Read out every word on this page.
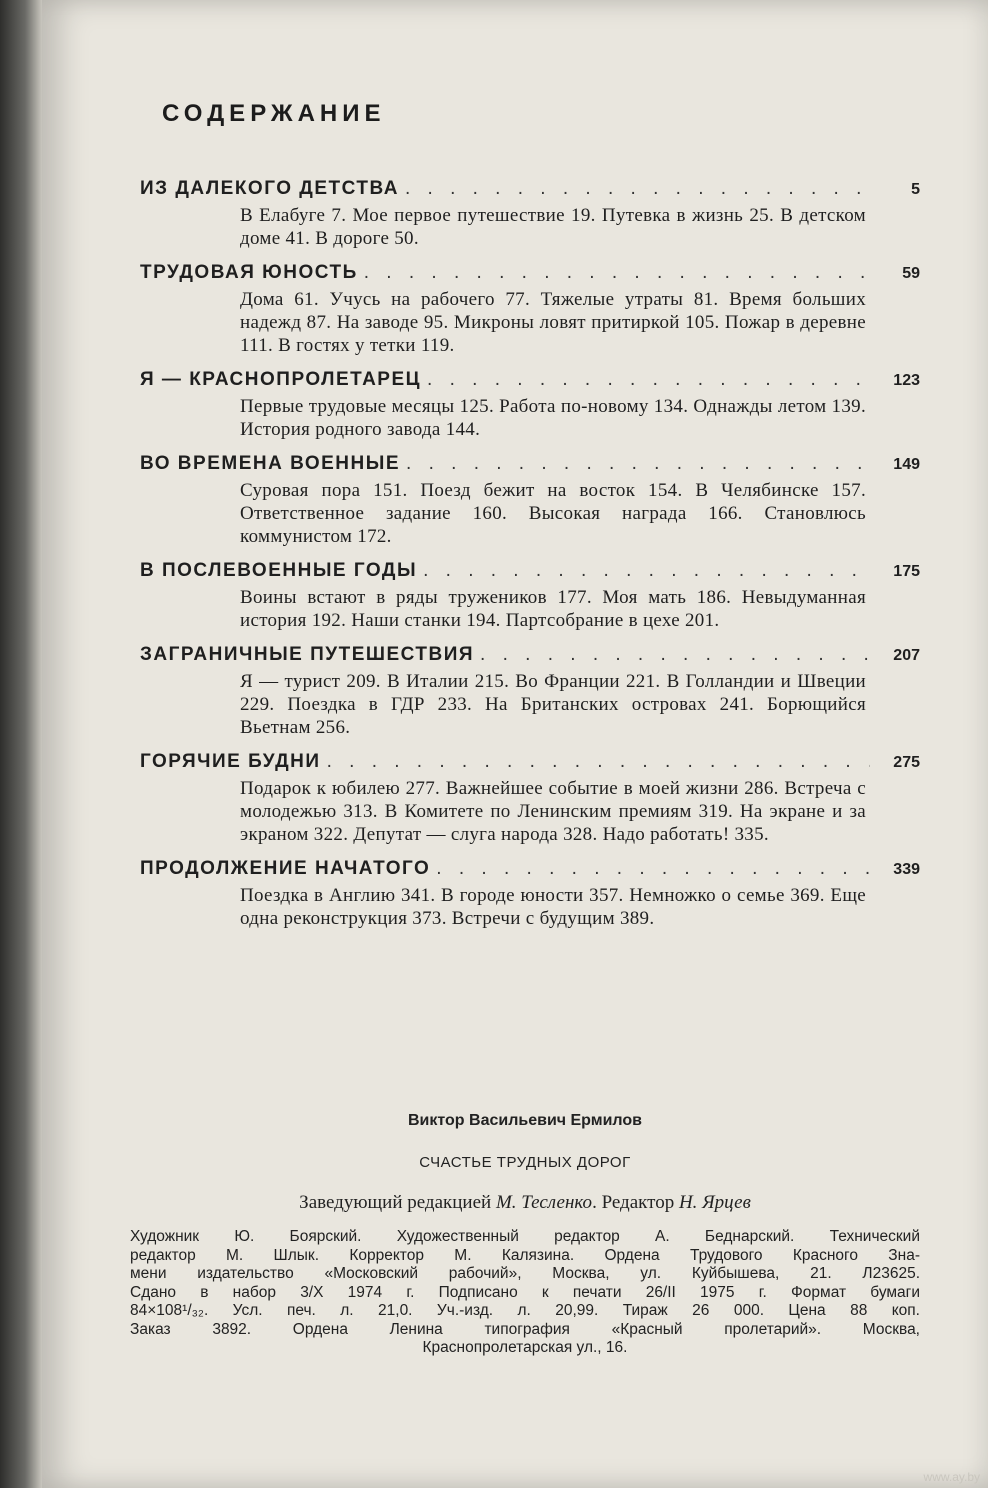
СОДЕРЖАНИЕ
ИЗ ДАЛЕКОГО ДЕТСТВА . . .	5
В Елабуге 7. Мое первое путешествие 19. Путевка в жизнь 25. В детском доме 41. В дороге 50.
ТРУДОВАЯ ЮНОСТЬ . . .	59
Дома 61. Учусь на рабочего 77. Тяжелые утраты 81. Время больших надежд 87. На заводе 95. Микроны ловят притиркой 105. Пожар в деревне 111. В гостях у тетки 119.
Я — КРАСНОПРОЛЕТАРЕЦ . . .	123
Первые трудовые месяцы 125. Работа по-новому 134. Однажды летом 139. История родного завода 144.
ВО ВРЕМЕНА ВОЕННЫЕ . . .	149
Суровая пора 151. Поезд бежит на восток 154. В Челябинске 157. Ответственное задание 160. Высокая награда 166. Становлюсь коммунистом 172.
В ПОСЛЕВОЕННЫЕ ГОДЫ . . .	175
Воины встают в ряды тружеников 177. Моя мать 186. Невыдуманная история 192. Наши станки 194. Партсобрание в цехе 201.
ЗАГРАНИЧНЫЕ ПУТЕШЕСТВИЯ . . .	207
Я — турист 209. В Италии 215. Во Франции 221. В Голландии и Швеции 229. Поездка в ГДР 233. На Британских островах 241. Борющийся Вьетнам 256.
ГОРЯЧИЕ БУДНИ . . .	275
Подарок к юбилею 277. Важнейшее событие в моей жизни 286. Встреча с молодежью 313. В Комитете по Ленинским премиям 319. На экране и за экраном 322. Депутат — слуга народа 328. Надо работать! 335.
ПРОДОЛЖЕНИЕ НАЧАТОГО . . .	339
Поездка в Англию 341. В городе юности 357. Немножко о семье 369. Еще одна реконструкция 373. Встречи с будущим 389.
Виктор Васильевич Ермилов
СЧАСТЬЕ ТРУДНЫХ ДОРОГ
Заведующий редакцией М. Тесленко. Редактор Н. Ярцев
Художник Ю. Боярский. Художественный редактор А. Беднарский. Технический
редактор М. Шлык. Корректор М. Калязина. Ордена Трудового Красного Зна-
мени издательство «Московский рабочий», Москва, ул. Куйбышева, 21. Л23625.
Сдано в набор 3/X 1974 г. Подписано к печати 26/II 1975 г. Формат бумаги
84×108¹/₃₂. Усл. печ. л. 21,0. Уч.-изд. л. 20,99. Тираж 26 000. Цена 88 коп.
Заказ 3892. Ордена Ленина типография «Красный пролетарий». Москва,
Краснопролетарская ул., 16.
www.ay.by
